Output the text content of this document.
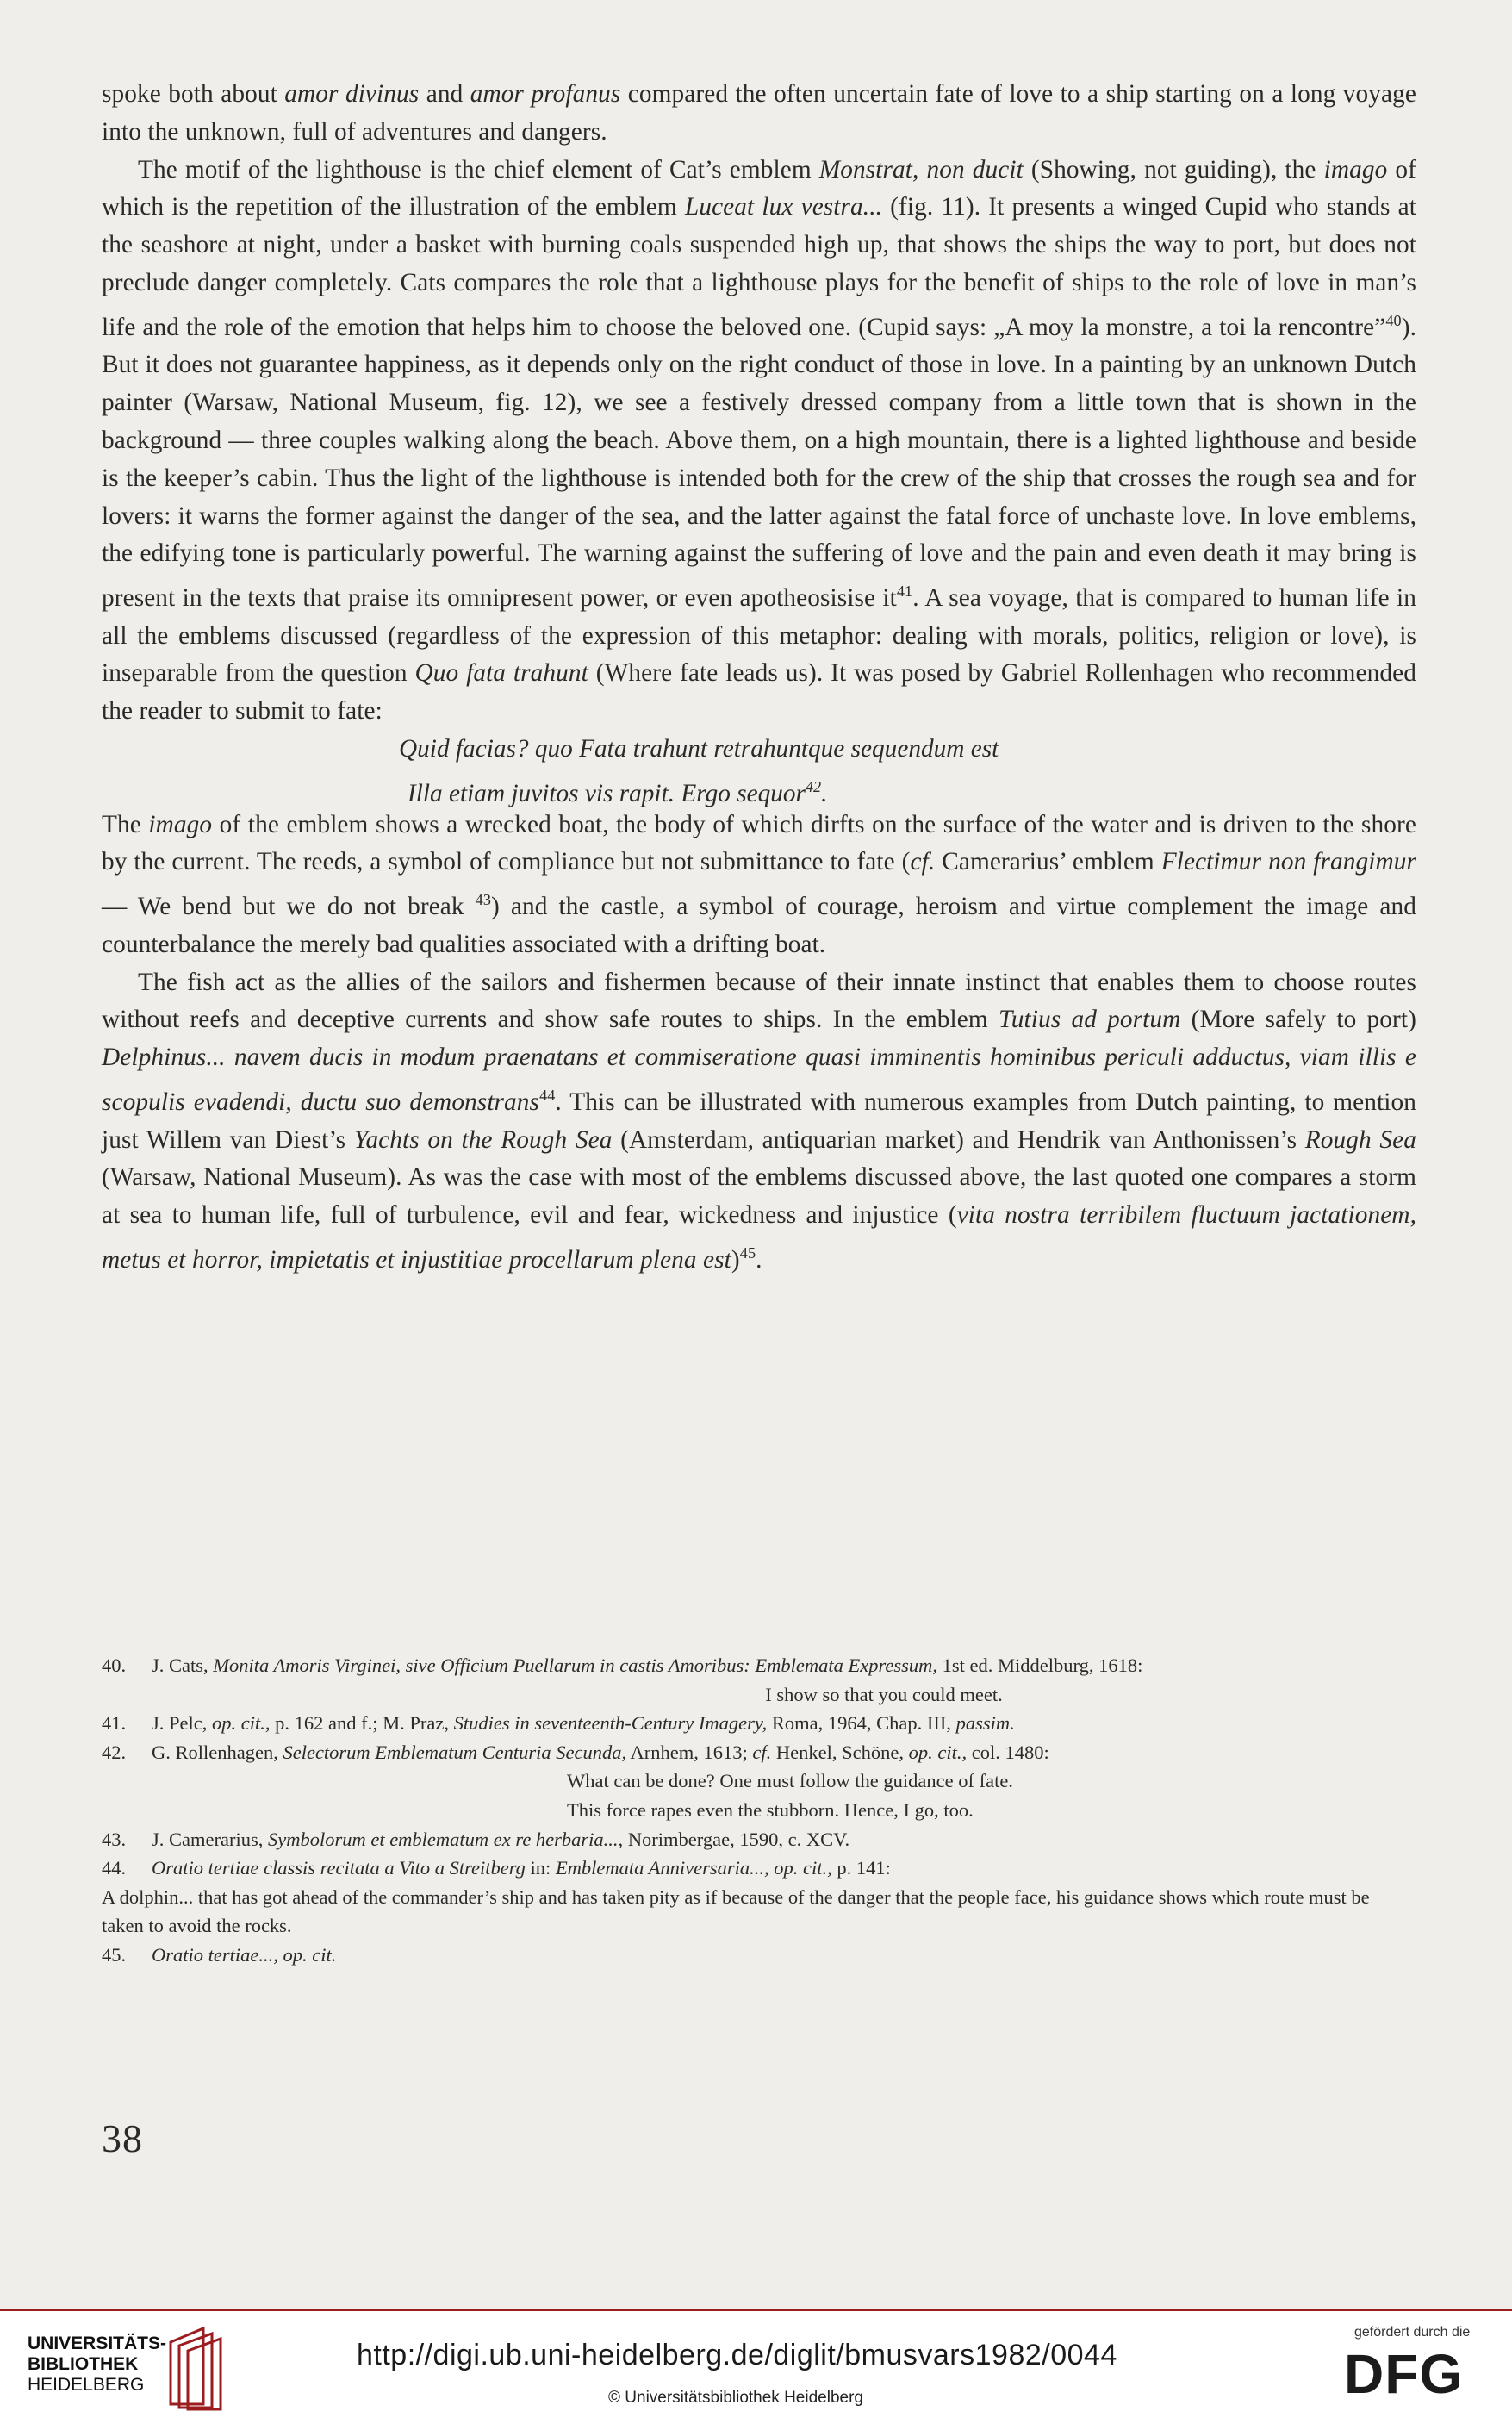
spoke both about amor divinus and amor profanus compared the often uncertain fate of love to a ship starting on a long voyage into the unknown, full of adventures and dangers.

The motif of the lighthouse is the chief element of Cat’s emblem Monstrat, non ducit (Showing, not guiding), the imago of which is the repetition of the illustration of the emblem Luceat lux vestra... (fig. 11). It presents a winged Cupid who stands at the seashore at night, under a basket with burning coals suspended high up, that shows the ships the way to port, but does not preclude danger completely. Cats compares the role that a lighthouse plays for the benefit of ships to the role of love in man’s life and the role of the emotion that helps him to choose the beloved one. (Cupid says: „A moy la monstre, a toi la rencontre”$^{40}$). But it does not guarantee happiness, as it depends only on the right conduct of those in love. In a painting by an unknown Dutch painter (Warsaw, National Museum, fig. 12), we see a festively dressed company from a little town that is shown in the background — three couples walking along the beach. Above them, on a high mountain, there is a lighted lighthouse and beside is the keeper’s cabin. Thus the light of the lighthouse is intended both for the crew of the ship that crosses the rough sea and for lovers: it warns the former against the danger of the sea, and the latter against the fatal force of unchaste love. In love emblems, the edifying tone is particularly powerful. The warning against the suffering of love and the pain and even death it may bring is present in the texts that praise its omnipresent power, or even apotheosisise $it^{41}$. A sea voyage, that is compared to human life in all the emblems discussed (regardless of the expression of this metaphor: dealing with morals, politics, religion or love), is inseparable from the question Quo fata trahunt (Where fate leads us). It was posed by Gabriel Rollenhagen who recommended the reader to submit to fate:

Quid facias? quo Fata trahunt retrahuntque sequendum est
Illa etiam juvitos vis rapit. Ergo sequor$^{42}$.

The imago of the emblem shows a wrecked boat, the body of which dirfts on the surface of the water and is driven to the shore by the current. The reeds, a symbol of compliance but not submittance to fate (cf. Camerarius’ emblem Flectimur non frangimur — We bend but we do not break $^{43}$) and the castle, a symbol of courage, heroism and virtue complement the image and counterbalance the merely bad qualities associated with a drifting boat.

The fish act as the allies of the sailors and fishermen because of their innate instinct that enables them to choose routes without reefs and deceptive currents and show safe routes to ships. In the emblem Tutius ad portum (More safely to port) Delphinus... navem ducis in modum praenatans et commiseratione quasi imminentis hominibus periculi adductus, viam illis e scopulis evadendi, ductu suo demonstrans$^{44}$. This can be illustrated with numerous examples from Dutch painting, to mention just Willem van Diest’s Yachts on the Rough Sea (Amsterdam, antiquarian market) and Hendrik van Anthonissen’s Rough Sea (Warsaw, National Museum). As was the case with most of the emblems discussed above, the last quoted one compares a storm at sea to human life, full of turbulence, evil and fear, wickedness and injustice (vita nostra terribilem fluctuum jactationem, metus et horror, impietatis et injustitiae procellarum plena est)$^{45}$.

40.	J. Cats, Monita Amoris Virginei, sive Officium Puellarum in castis Amoribus: Emblemata Expressum, 1st ed. Middelburg, 1618:
I show so that you could meet.
41.	J. Pelc, op. cit., p. 162 and f.; M. Praz, Studies in seventeenth-Century Imagery, Roma, 1964, Chap. III, passim.
42.	G. Rollenhagen, Selectorum Emblematum Centuria Secunda, Arnhem, 1613; cf. Henkel, Schöne, op. cit., col. 1480:
What can be done? One must follow the guidance of fate.
This force rapes even the stubborn. Hence, I go, too.
43.	J. Camerarius, Symbolorum et emblematum ex re herbaria..., Norimbergae, 1590, c. XCV.
44.	Oratio tertiae classis recitata a Vito a Streitberg in: Emblemata Anniversaria..., op. cit., p. 141:
A dolphin... that has got ahead of the commander’s ship and has taken pity as if because of the danger that the people face, his guidance shows which route must be taken to avoid the rocks.
45.	Oratio tertiae..., op. cit.
38
UNIVERSITÄTS-
BIBLIOTHEK
HEIDELBERG
http://digi.ub.uni-heidelberg.de/diglit/bmusvars1982/0044
© Universitätsbibliothek Heidelberg
gefördert durch die
DFG
